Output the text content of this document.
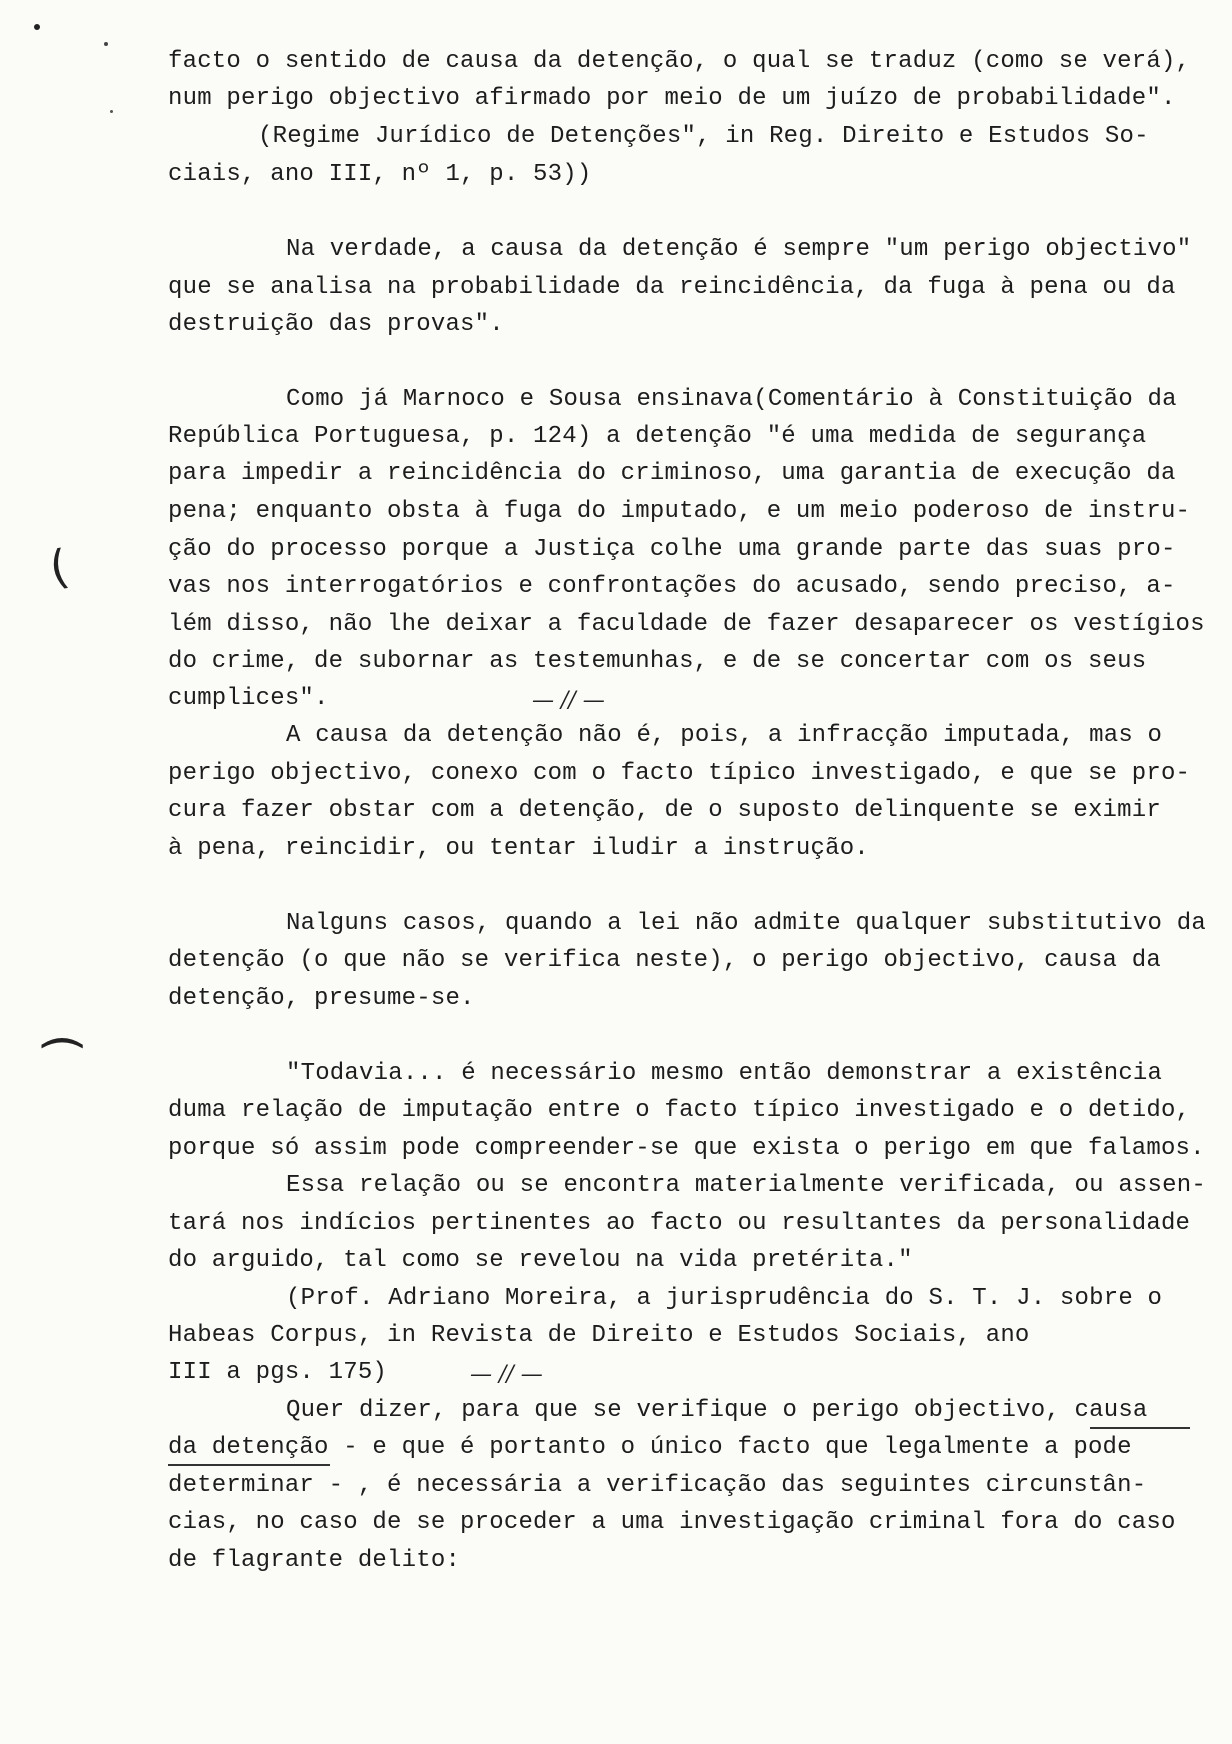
facto o sentido de causa da detenção, o qual se traduz (como se verá),
num perigo objectivo afirmado por meio de um juízo de probabilidade".
(Regime Jurídico de Detenções", in Reg. Direito e Estudos So-
ciais, ano III, nº 1, p. 53))
Na verdade, a causa da detenção é sempre "um perigo objectivo"
que se analisa na probabilidade da reincidência, da fuga à pena ou da
destruição das provas".
Como já Marnoco e Sousa ensinava(Comentário à Constituição da
República Portuguesa, p. 124) a detenção "é uma medida de segurança
para impedir a reincidência do criminoso, uma garantia de execução da
pena; enquanto obsta à fuga do imputado, e um meio poderoso de instru-
ção do processo porque a Justiça colhe uma grande parte das suas pro-
vas nos interrogatórios e confrontações do acusado, sendo preciso, a-
lém disso, não lhe deixar a faculdade de fazer desaparecer os vestígios
do crime, de subornar as testemunhas, e de se concertar com os seus
cumplices".	— // —
A causa da detenção não é, pois, a infracção imputada, mas o
perigo objectivo, conexo com o facto típico investigado, e que se pro-
cura fazer obstar com a detenção, de o suposto delinquente se eximir
à pena, reincidir, ou tentar iludir a instrução.
Nalguns casos, quando a lei não admite qualquer substitutivo da
detenção (o que não se verifica neste), o perigo objectivo, causa da
detenção, presume-se.
"Todavia... é necessário mesmo então demonstrar a existência
duma relação de imputação entre o facto típico investigado e o detido,
porque só assim pode compreender-se que exista o perigo em que falamos.
Essa relação ou se encontra materialmente verificada, ou assen-
tará nos indícios pertinentes ao facto ou resultantes da personalidade
do arguido, tal como se revelou na vida pretérita."
(Prof. Adriano Moreira, a jurisprudência do S. T. J. sobre o
Habeas Corpus, in Revista de Direito e Estudos Sociais, ano
III a pgs. 175)	— // —
Quer dizer, para que se verifique o perigo objectivo, causa
da detenção - e que é portanto o único facto que legalmente a pode
determinar - , é necessária a verificação das seguintes circunstân-
cias, no caso de se proceder a uma investigação criminal fora do caso
de flagrante delito:
(
)
